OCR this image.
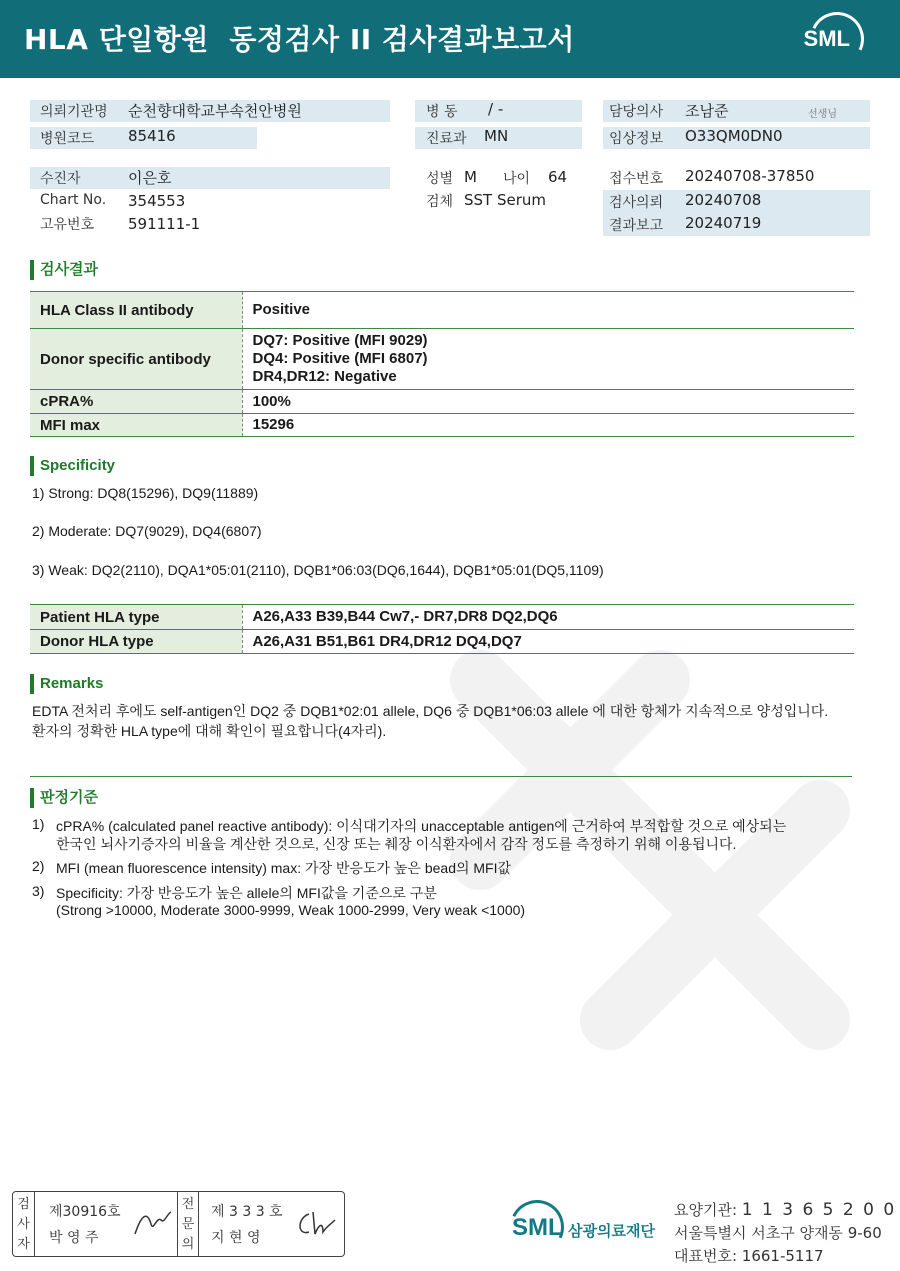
HLA 단일항원  동정검사 II 검사결과보고서	SML
의뢰기관명 순천향대학교부속천안병원
병원코드 85416
수진자	이은호
Chart No. 354553
고유번호 591111-1
병 동 / -
진료과 MN
성별 M 나이 64
검체 SST Serum
담당의사 조남준	선생님
임상정보 O33QM0DN0
접수번호 20240708-37850
검사의뢰 20240708
결과보고 20240719
검사결과
HLA Class II antibody	Positive
Donor specific antibody	DQ7: Positive (MFI 9029)
DQ4: Positive (MFI 6807)
DR4,DR12: Negative

cPRA%	100%
MFI max	15296
Specificity
1) Strong: DQ8(15296), DQ9(11889)
2) Moderate: DQ7(9029), DQ4(6807)
3) Weak: DQ2(2110), DQA1*05:01(2110), DQB1*06:03(DQ6,1644), DQB1*05:01(DQ5,1109)
Patient HLA type	A26,A33 B39,B44 Cw7,- DR7,DR8 DQ2,DQ6
Donor HLA type	A26,A31 B51,B61 DR4,DR12 DQ4,DQ7
Remarks
EDTA 전처리 후에도 self-antigen인 DQ2 중 DQB1*02:01 allele, DQ6 중 DQB1*06:03 allele 에 대한 항체가 지속적으로 양성입니다.
환자의 정확한 HLA type에 대해 확인이 필요합니다(4자리).
판정기준
1) cPRA% (calculated panel reactive antibody): 이식대기자의 unacceptable antigen에 근거하여 부적합할 것으로 예상되는
한국인 뇌사기증자의 비율을 계산한 것으로, 신장 또는 췌장 이식환자에서 감작 정도를 측정하기 위해 이용됩니다.
2) MFI (mean fluorescence intensity) max: 가장 반응도가 높은 bead의 MFI값
3) Specificity: 가장 반응도가 높은 allele의 MFI값을 기준으로 구분
(Strong >10000, Moderate 3000-9999, Weak 1000-2999, Very weak <1000)
검사자
제30916호
박 영 주
전문의
제 3 3 3 호
지 현 영	SML 삼광의료재단
요양기관: 1 1 3 6 5 2 0 0
서울특별시 서초구 양재동 9-60
대표번호: 1661-5117
